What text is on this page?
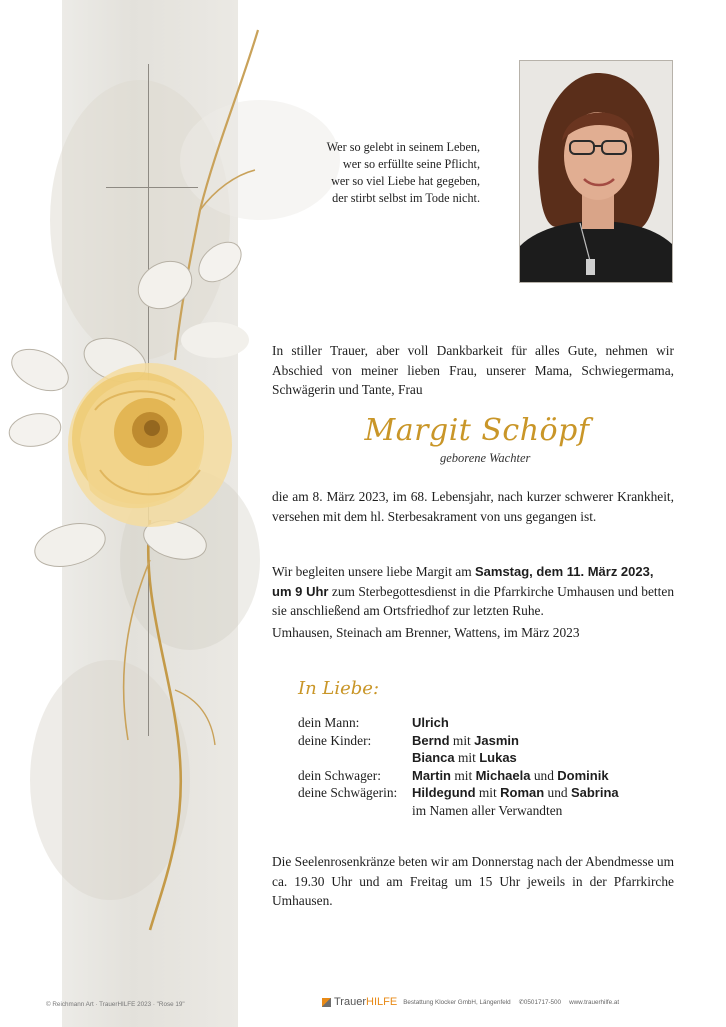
Wer so gelebt in seinem Leben,
wer so erfüllte seine Pflicht,
wer so viel Liebe hat gegeben,
der stirbt selbst im Tode nicht.

In stiller Trauer, aber voll Dankbarkeit für alles Gute, nehmen wir Abschied von meiner lieben Frau, unserer Mama, Schwiegermama, Schwägerin und Tante, Frau

Margit Schöpf
geborene Wachter
die am 8. März 2023, im 68. Lebensjahr, nach kurzer schwerer Krankheit, versehen mit dem hl. Sterbesakrament von uns gegangen ist.
Wir begleiten unsere liebe Margit am Samstag, dem 11. März 2023,
um 9 Uhr zum Sterbegottesdienst in die Pfarrkirche Umhausen und betten sie anschließend am Ortsfriedhof zur letzten Ruhe.
Umhausen, Steinach am Brenner, Wattens, im März 2023
In Liebe:
dein Mann:	Ulrich
deine Kinder:	Bernd mit Jasmin
Bianca mit Lukas
dein Schwager: Martin mit Michaela und Dominik
deine Schwägerin: Hildegund mit Roman und Sabrina
im Namen aller Verwandten
Die Seelenrosenkränze beten wir am Donnerstag nach der Abendmesse um ca. 19.30 Uhr und am Freitag um 15 Uhr jeweils in der Pfarrkirche Umhausen.
© Reichmann Art · TrauerHILFE 2023 · "Rose 19"	Trauer HILFE Bestattung Klocker GmbH, Längenfeld ✆0501717-500 www.trauerhilfe.at
